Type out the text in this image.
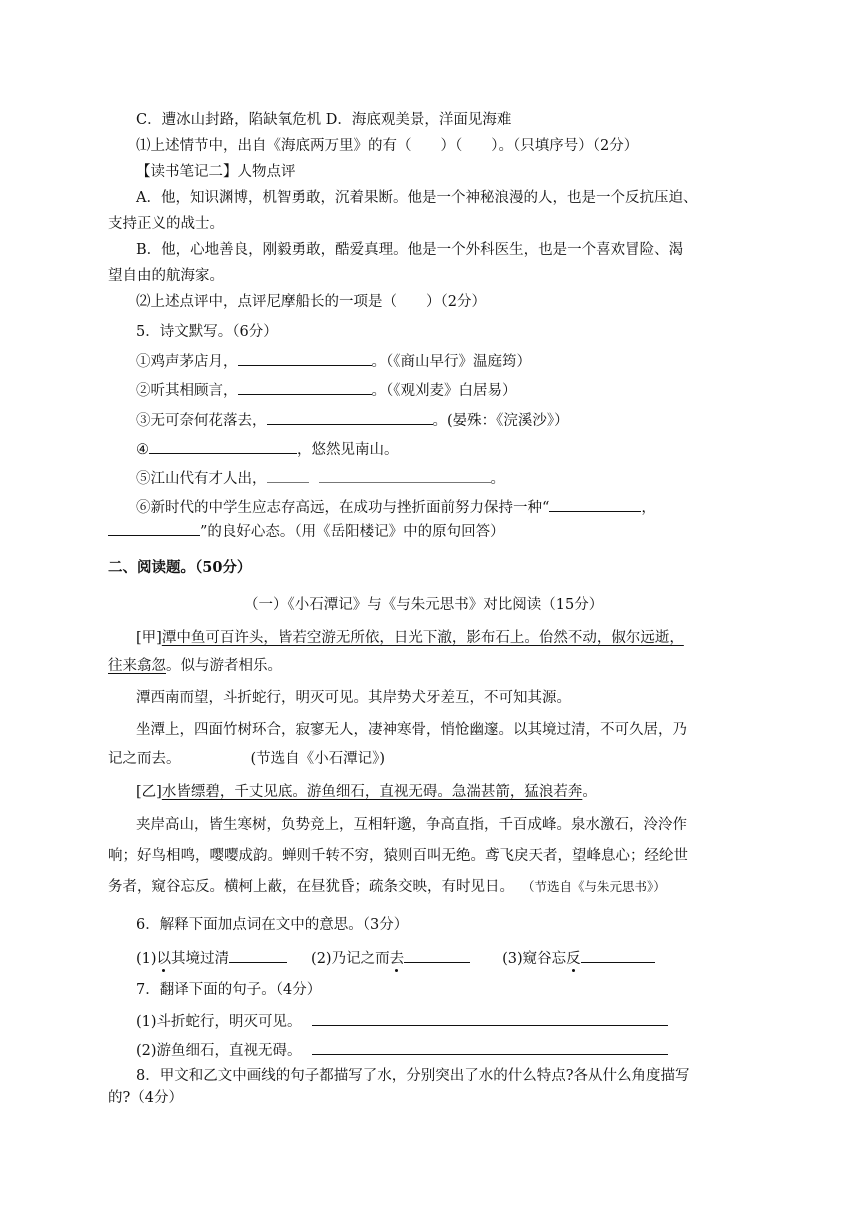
C．遭冰山封路，陷缺氧危机 D．海底观美景，洋面见海难
⑴上述情节中，出自《海底两万里》的有（　　）（　　）。（只填序号）（2分）
【读书笔记二】人物点评
A．他，知识渊博，机智勇敢，沉着果断。他是一个神秘浪漫的人，也是一个反抗压迫、
支持正义的战士。
B．他，心地善良，刚毅勇敢，酷爱真理。他是一个外科医生，也是一个喜欢冒险、渴
望自由的航海家。
⑵上述点评中，点评尼摩船长的一项是（　　）（2分）
5．诗文默写。（6分）
①鸡声茅店月，	。（《商山早行》温庭筠）
②听其相顾言，	。（《观刈麦》白居易）
③无可奈何花落去，	。(晏殊：《浣溪沙》）
④	，悠然见南山。
⑤江山代有才人出，	。
⑥新时代的中学生应志存高远，在成功与挫折面前努力保持一种“	，
”的良好心态。（用《岳阳楼记》中的原句回答）
二、阅读题。（50分）
（一）《小石潭记》与《与朱元思书》对比阅读（15分）
[甲]潭中鱼可百许头，皆若空游无所依，日光下澈，影布石上。佁然不动，俶尔远逝，
往来翕忽。似与游者相乐。
潭西南而望，斗折蛇行，明灭可见。其岸势犬牙差互，不可知其源。
坐潭上，四面竹树环合，寂寥无人，凄神寒骨，悄怆幽邃。以其境过清，不可久居，乃
记之而去。	(节选自《小石潭记》)
[乙]水皆缥碧，千丈见底。游鱼细石，直视无碍。急湍甚箭，猛浪若奔。
夹岸高山，皆生寒树，负势竞上，互相轩邈，争高直指，千百成峰。泉水激石，泠泠作
响；好鸟相鸣，嘤嘤成韵。蝉则千转不穷，猿则百叫无绝。鸢飞戾天者，望峰息心；经纶世
务者，窥谷忘反。横柯上蔽，在昼犹昏；疏条交映，有时见日。 （节选自《与朱元思书》）
6．解释下面加点词在文中的意思。（3分）
(1)以其境过清	(2)乃记之而去	(3)窥谷忘反
7．翻译下面的句子。（4分）
(1)斗折蛇行，明灭可见。
(2)游鱼细石，直视无碍。
8．甲文和乙文中画线的句子都描写了水，分别突出了水的什么特点?各从什么角度描写
的?（4分）
